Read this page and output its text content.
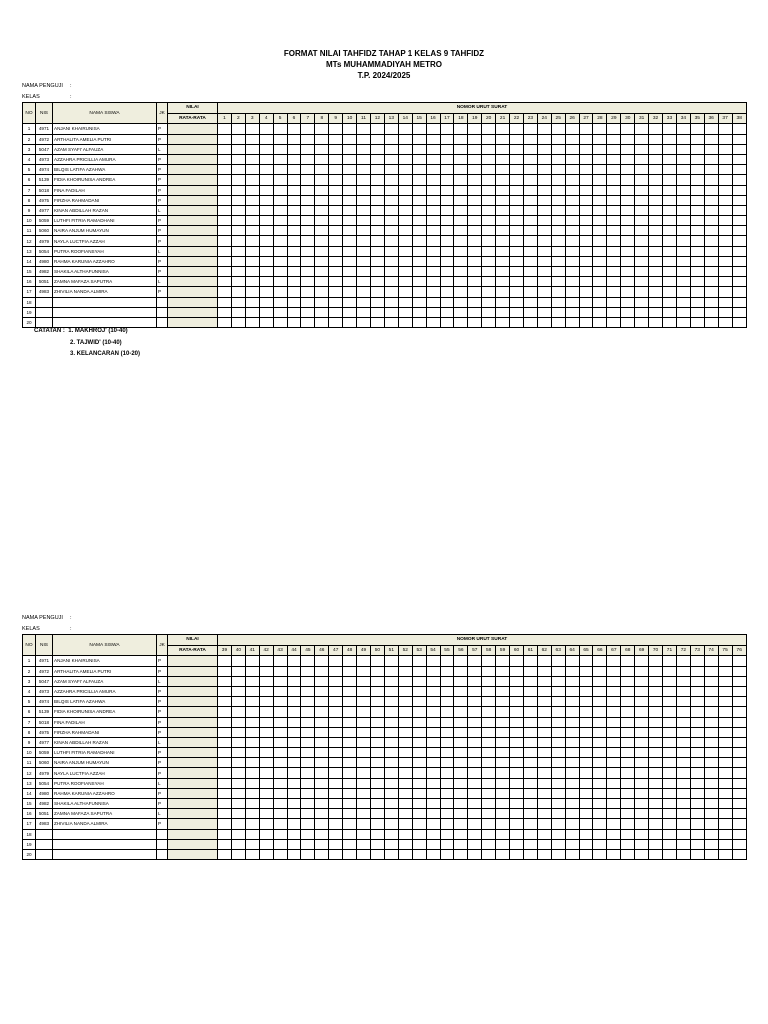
FORMAT NILAI TAHFIDZ TAHAP 1 KELAS 9 TAHFIDZ
MTs MUHAMMADIYAH METRO
T.P. 2024/2025
NAMA PENGUJI :
KELAS	:
NO	NIS	NAMA SISWA	JK	NILAI	NOMOR URUT SURAT																																					
				RATA-RATA	1	2	3	4	5	6	7	8	9	10	11	12	13	14	15	16	17	18	19	20	21	22	23	24	25	26	27	28	29	30	31	32	33	34	35	36	37	38
1	4971	ANJANI KHAIRUNISA	P																																							
2	4972	ARTHALITA AMELIA PUTRI	P																																							
3	5047	AZAM SYAFI' ALFAUZA	L																																							
4	4973	AZZAHRA PRICILLIA AMURA	P																																							
5	4974	BILQIS LATIFA AZAHWA	P																																							
6	5139	FIDIA KHOIRUNISA ANDREA	P																																							
7	5018	FINA FADILAH	P																																							
8	4975	FIRZHA RAHMADANI	P																																							
9	4977	KINAN ABDILLAH RAZAN	L																																							
10	5059	LUTHFI FITRIA RAMADHANI	P																																							
11	5060	NAIRA ANJUM HUMAYUN	P																																							
12	4979	NAYLA LUCTFIA AZZAH	P																																							
13	5054	PUTRA ROOFIANSYAH	L																																							
14	4980	RAHMA KARUNIA AZZAHRO	P																																							
15	4982	SHAKILA ALTHAFUNNISA	P																																							
16	5051	ZAMNA MAFAZA SAPUTRA	L																																							
17	4983	ZHIVILIA NANDA ALMIRA	P																																							
18																																										
19																																										
20																																										
CATATAN : 1. MAKHROJ' (10-40)
2. TAJWID' (10-40)
3. KELANCARAN (10-20)
NAMA PENGUJI :
KELAS	:
NO	NIS	NAMA SISWA	JK	NILAI	NOMOR URUT SURAT																																					
				RATA-RATA	39	40	41	42	43	44	45	46	47	48	49	50	51	52	53	54	55	56	57	58	59	60	61	62	63	64	65	66	67	68	69	70	71	72	73	74	75	76
1	4971	ANJANI KHAIRUNISA	P																																							
2	4972	ARTHALITA AMELIA PUTRI	P																																							
3	5047	AZAM SYAFI' ALFAUZA	L																																							
4	4973	AZZAHRA PRICILLIA AMURA	P																																							
5	4974	BILQIS LATIFA AZAHWA	P																																							
6	5139	FIDIA KHOIRUNISA ANDREA	P																																							
7	5018	FINA FADILAH	P																																							
8	4975	FIRZHA RAHMADANI	P																																							
9	4977	KINAN ABDILLAH RAZAN	L																																							
10	5059	LUTHFI FITRIA RAMADHANI	P																																							
11	5060	NAIRA ANJUM HUMAYUN	P																																							
12	4979	NAYLA LUCTFIA AZZAH	P																																							
13	5054	PUTRA ROOFIANSYAH	L																																							
14	4980	RAHMA KARUNIA AZZAHRO	P																																							
15	4982	SHAKILA ALTHAFUNNISA	P																																							
16	5051	ZAMNA MAFAZA SAPUTRA	L																																							
17	4983	ZHIVILIA NANDA ALMIRA	P																																							
18																																										
19																																										
20																																										
